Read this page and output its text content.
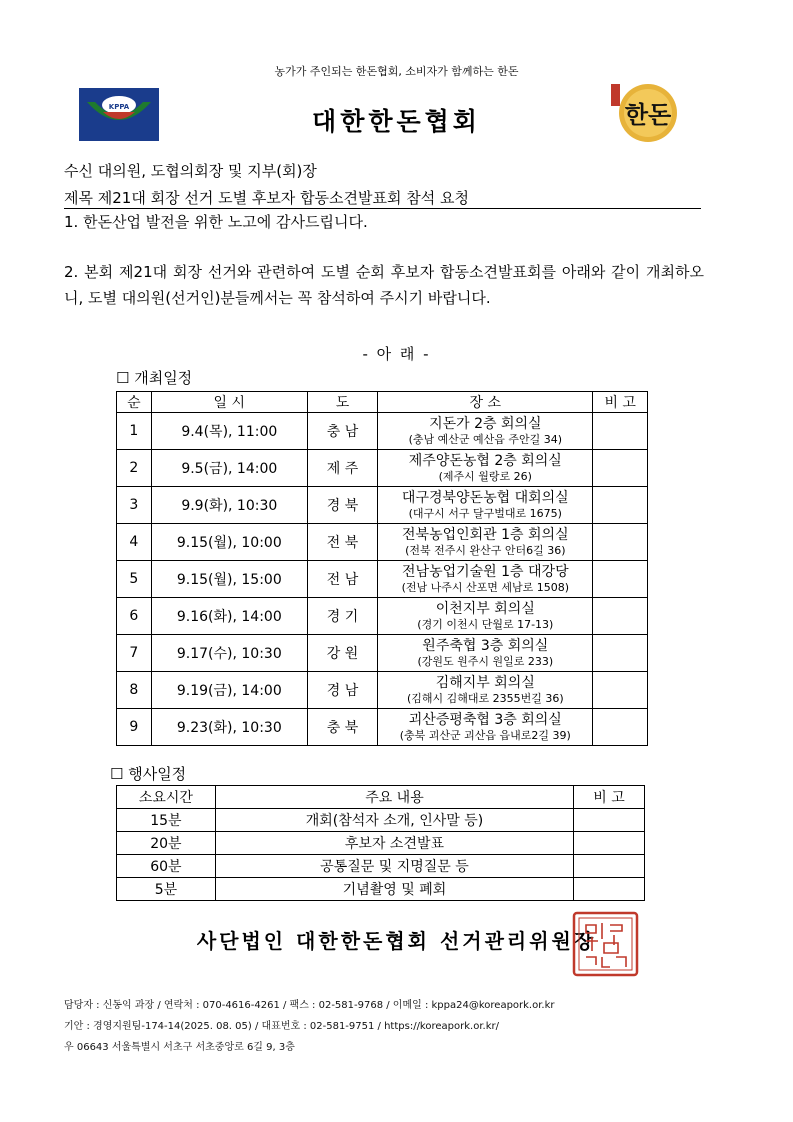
농가가 주인되는 한돈협회, 소비자가 함께하는 한돈
KPPA	대한한돈협회	한돈
수신 대의원, 도협의회장 및 지부(회)장
제목 제21대 회장 선거 도별 후보자 합동소견발표회 참석 요청
1. 한돈산업 발전을 위한 노고에 감사드립니다.
2. 본회 제21대 회장 선거와 관련하여 도별 순회 후보자 합동소견발표회를 아래와 같이 개최하오니, 도별 대의원(선거인)분들께서는 꼭 참석하여 주시기 바랍니다.
- 아 래 -
☐ 개최일정
순	일 시	도	장 소	비 고
1	9.4(목), 11:00	충 남	지돈가 2층 회의실
(충남 예산군 예산읍 주안길 34)	

2	9.5(금), 14:00	제 주	제주양돈농협 2층 회의실
(제주시 월랑로 26)	

3	9.9(화), 10:30	경 북	대구경북양돈농협 대회의실
(대구시 서구 달구벌대로 1675)	

4	9.15(월), 10:00	전 북	전북농업인회관 1층 회의실
(전북 전주시 완산구 안터6길 36)	

5	9.15(월), 15:00	전 남	전남농업기술원 1층 대강당
(전남 나주시 산포면 세남로 1508)	

6	9.16(화), 14:00	경 기	이천지부 회의실
(경기 이천시 단월로 17-13)	

7	9.17(수), 10:30	강 원	원주축협 3층 회의실
(강원도 원주시 원일로 233)	

8	9.19(금), 14:00	경 남	김해지부 회의실
(김해시 김해대로 2355번길 36)	

9	9.23(화), 10:30	충 북	괴산증평축협 3층 회의실
(충북 괴산군 괴산읍 읍내로2길 39)	

☐ 행사일정
소요시간	주요 내용	비 고
15분	개회(참석자 소개, 인사말 등)	
20분	후보자 소견발표	
60분	공통질문 및 지명질문 등	
5분	기념촬영 및 폐회	
사단법인 대한한돈협회 선거관리위원장
담당자 : 신동익 과장 / 연락처 : 070-4616-4261 / 팩스 : 02-581-9768 / 이메일 : kppa24@koreapork.or.kr
기안 : 경영지원팀-174-14(2025. 08. 05) / 대표번호 : 02-581-9751 / https://koreapork.or.kr/
우 06643 서울특별시 서초구 서초중앙로 6길 9, 3층
